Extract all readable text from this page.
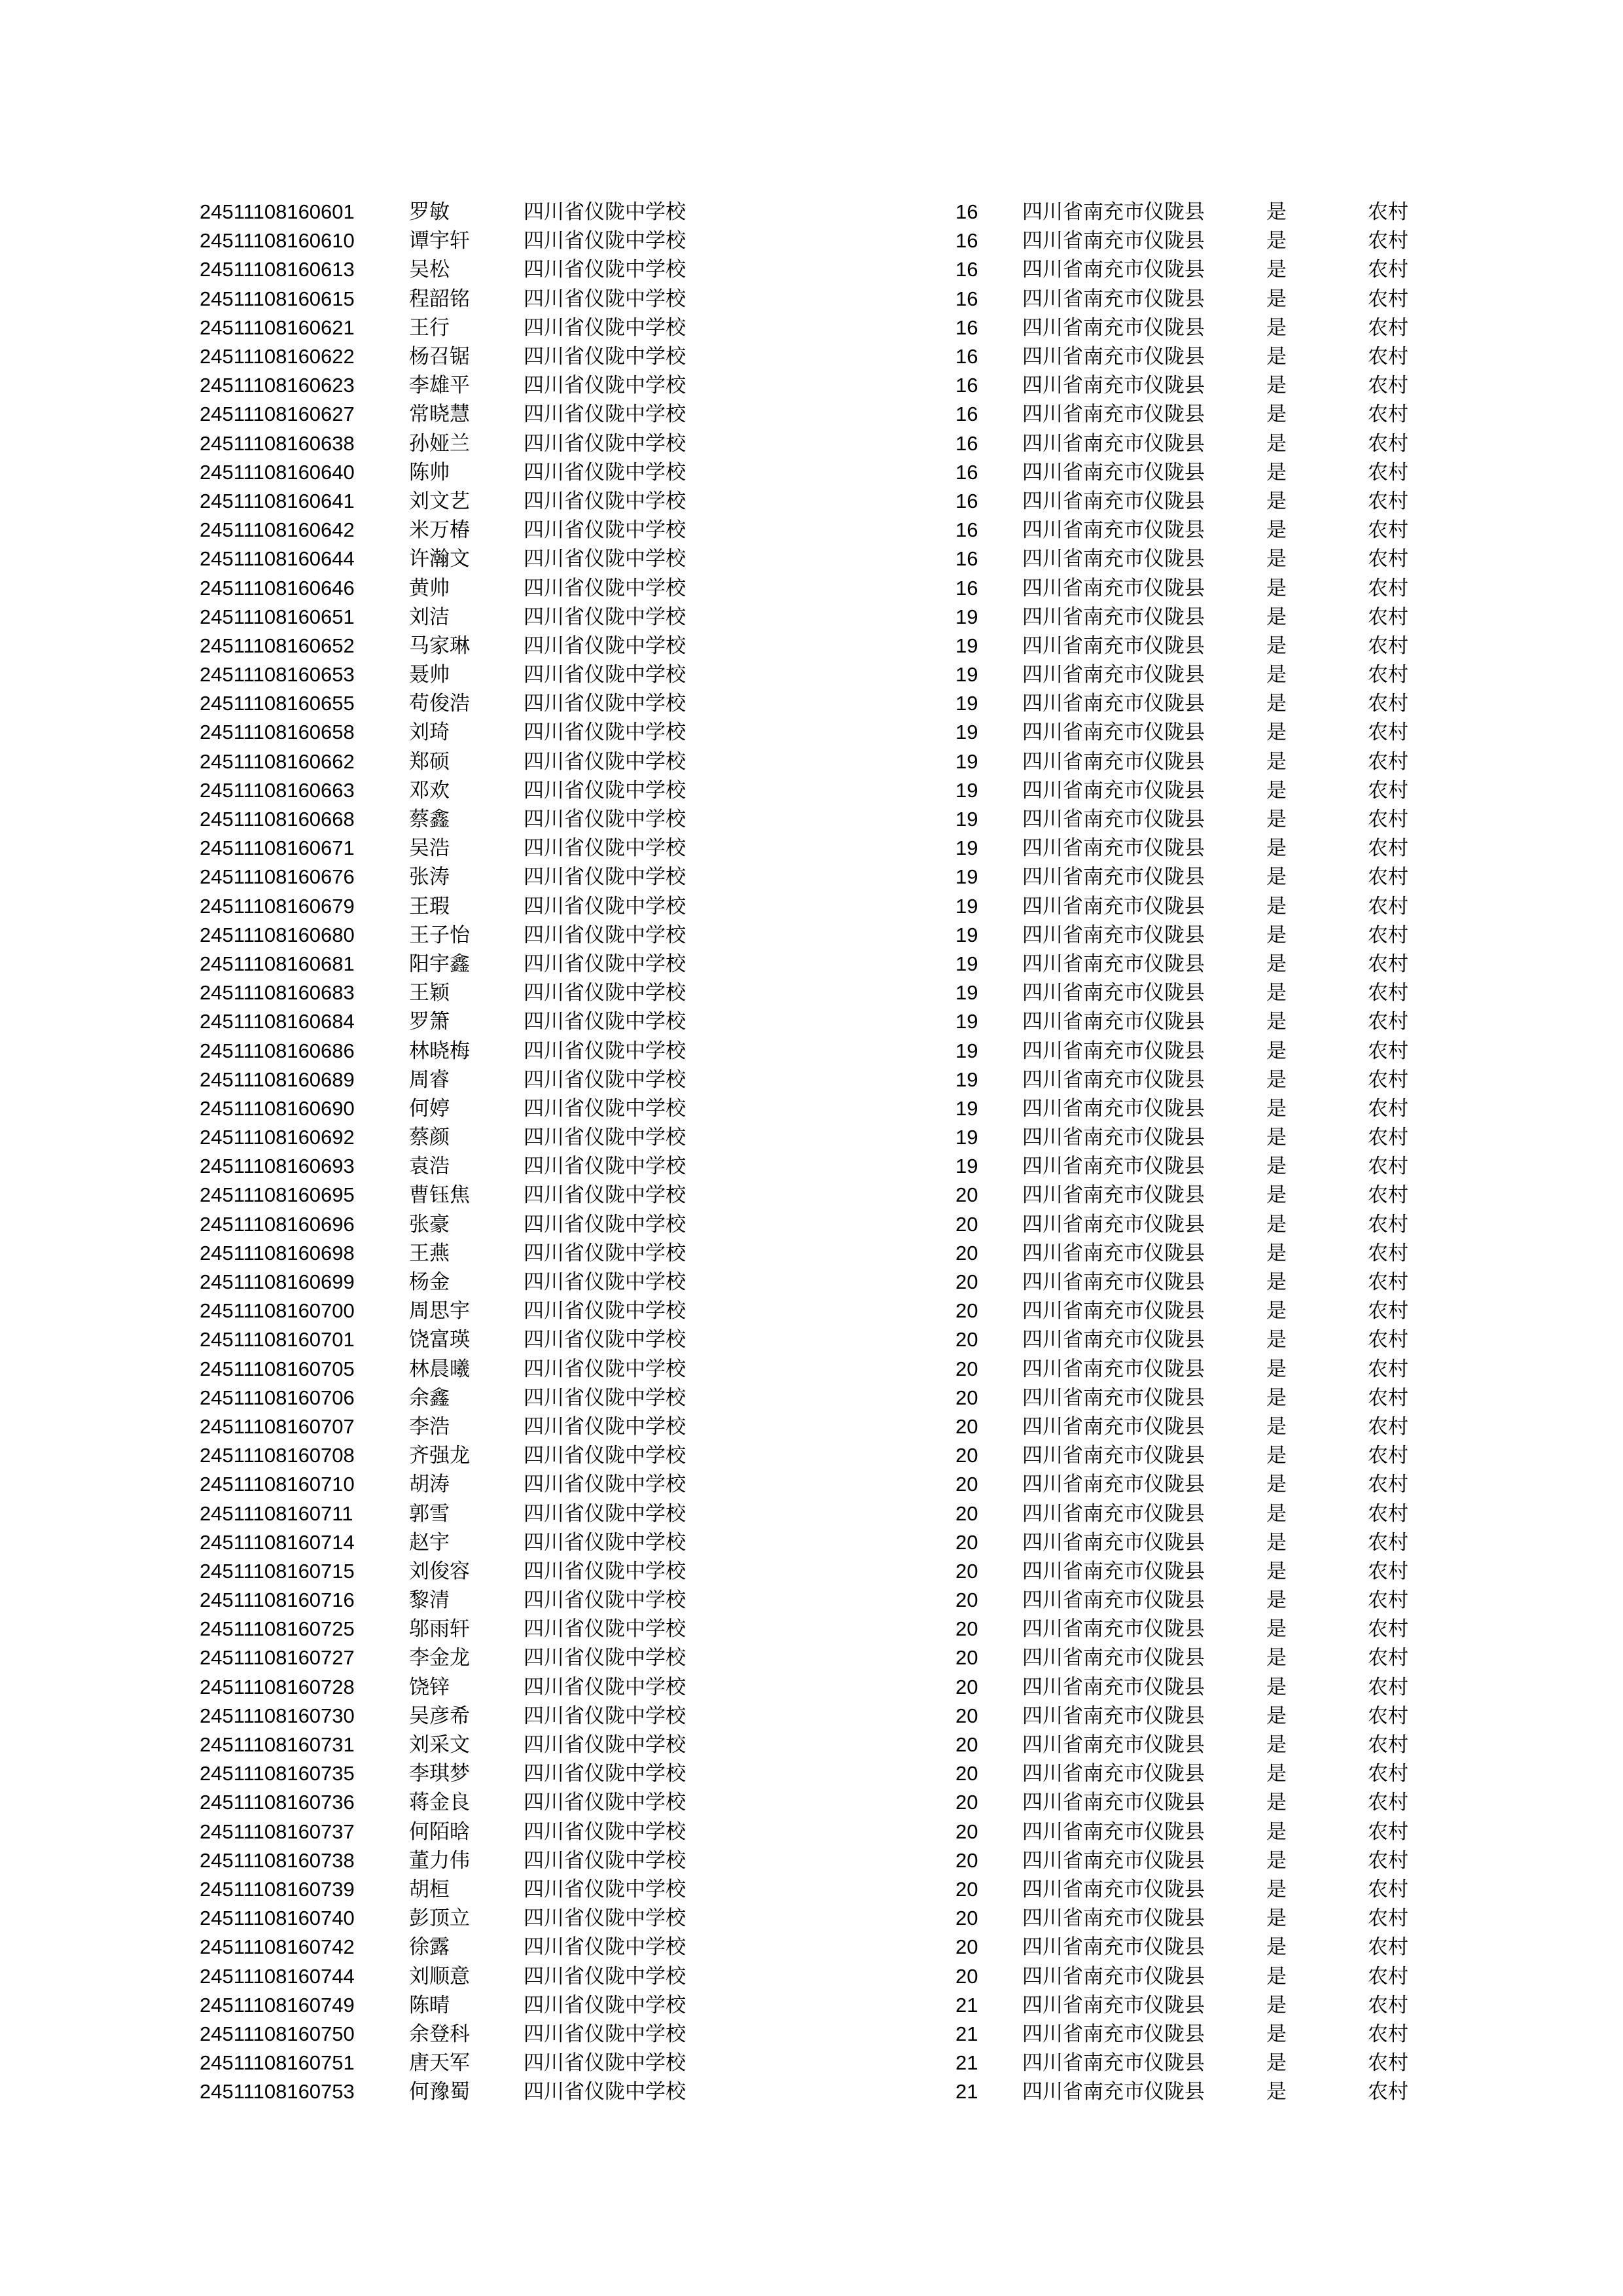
24511108160601	罗敏	四川省仪陇中学校	16	四川省南充市仪陇县	是	农村
24511108160610	谭宇轩	四川省仪陇中学校	16	四川省南充市仪陇县	是	农村
24511108160613	吴松	四川省仪陇中学校	16	四川省南充市仪陇县	是	农村
24511108160615	程韶铭	四川省仪陇中学校	16	四川省南充市仪陇县	是	农村
24511108160621	王行	四川省仪陇中学校	16	四川省南充市仪陇县	是	农村
24511108160622	杨召锯	四川省仪陇中学校	16	四川省南充市仪陇县	是	农村
24511108160623	李雄平	四川省仪陇中学校	16	四川省南充市仪陇县	是	农村
24511108160627	常晓慧	四川省仪陇中学校	16	四川省南充市仪陇县	是	农村
24511108160638	孙娅兰	四川省仪陇中学校	16	四川省南充市仪陇县	是	农村
24511108160640	陈帅	四川省仪陇中学校	16	四川省南充市仪陇县	是	农村
24511108160641	刘文艺	四川省仪陇中学校	16	四川省南充市仪陇县	是	农村
24511108160642	米万椿	四川省仪陇中学校	16	四川省南充市仪陇县	是	农村
24511108160644	许瀚文	四川省仪陇中学校	16	四川省南充市仪陇县	是	农村
24511108160646	黄帅	四川省仪陇中学校	16	四川省南充市仪陇县	是	农村
24511108160651	刘洁	四川省仪陇中学校	19	四川省南充市仪陇县	是	农村
24511108160652	马家琳	四川省仪陇中学校	19	四川省南充市仪陇县	是	农村
24511108160653	聂帅	四川省仪陇中学校	19	四川省南充市仪陇县	是	农村
24511108160655	苟俊浩	四川省仪陇中学校	19	四川省南充市仪陇县	是	农村
24511108160658	刘琦	四川省仪陇中学校	19	四川省南充市仪陇县	是	农村
24511108160662	郑硕	四川省仪陇中学校	19	四川省南充市仪陇县	是	农村
24511108160663	邓欢	四川省仪陇中学校	19	四川省南充市仪陇县	是	农村
24511108160668	蔡鑫	四川省仪陇中学校	19	四川省南充市仪陇县	是	农村
24511108160671	吴浩	四川省仪陇中学校	19	四川省南充市仪陇县	是	农村
24511108160676	张涛	四川省仪陇中学校	19	四川省南充市仪陇县	是	农村
24511108160679	王瑕	四川省仪陇中学校	19	四川省南充市仪陇县	是	农村
24511108160680	王子怡	四川省仪陇中学校	19	四川省南充市仪陇县	是	农村
24511108160681	阳宇鑫	四川省仪陇中学校	19	四川省南充市仪陇县	是	农村
24511108160683	王颖	四川省仪陇中学校	19	四川省南充市仪陇县	是	农村
24511108160684	罗箫	四川省仪陇中学校	19	四川省南充市仪陇县	是	农村
24511108160686	林晓梅	四川省仪陇中学校	19	四川省南充市仪陇县	是	农村
24511108160689	周睿	四川省仪陇中学校	19	四川省南充市仪陇县	是	农村
24511108160690	何婷	四川省仪陇中学校	19	四川省南充市仪陇县	是	农村
24511108160692	蔡颜	四川省仪陇中学校	19	四川省南充市仪陇县	是	农村
24511108160693	袁浩	四川省仪陇中学校	19	四川省南充市仪陇县	是	农村
24511108160695	曹钰焦	四川省仪陇中学校	20	四川省南充市仪陇县	是	农村
24511108160696	张豪	四川省仪陇中学校	20	四川省南充市仪陇县	是	农村
24511108160698	王燕	四川省仪陇中学校	20	四川省南充市仪陇县	是	农村
24511108160699	杨金	四川省仪陇中学校	20	四川省南充市仪陇县	是	农村
24511108160700	周思宇	四川省仪陇中学校	20	四川省南充市仪陇县	是	农村
24511108160701	饶富瑛	四川省仪陇中学校	20	四川省南充市仪陇县	是	农村
24511108160705	林晨曦	四川省仪陇中学校	20	四川省南充市仪陇县	是	农村
24511108160706	余鑫	四川省仪陇中学校	20	四川省南充市仪陇县	是	农村
24511108160707	李浩	四川省仪陇中学校	20	四川省南充市仪陇县	是	农村
24511108160708	齐强龙	四川省仪陇中学校	20	四川省南充市仪陇县	是	农村
24511108160710	胡涛	四川省仪陇中学校	20	四川省南充市仪陇县	是	农村
24511108160711	郭雪	四川省仪陇中学校	20	四川省南充市仪陇县	是	农村
24511108160714	赵宇	四川省仪陇中学校	20	四川省南充市仪陇县	是	农村
24511108160715	刘俊容	四川省仪陇中学校	20	四川省南充市仪陇县	是	农村
24511108160716	黎清	四川省仪陇中学校	20	四川省南充市仪陇县	是	农村
24511108160725	邬雨轩	四川省仪陇中学校	20	四川省南充市仪陇县	是	农村
24511108160727	李金龙	四川省仪陇中学校	20	四川省南充市仪陇县	是	农村
24511108160728	饶锌	四川省仪陇中学校	20	四川省南充市仪陇县	是	农村
24511108160730	吴彦希	四川省仪陇中学校	20	四川省南充市仪陇县	是	农村
24511108160731	刘采文	四川省仪陇中学校	20	四川省南充市仪陇县	是	农村
24511108160735	李琪梦	四川省仪陇中学校	20	四川省南充市仪陇县	是	农村
24511108160736	蒋金良	四川省仪陇中学校	20	四川省南充市仪陇县	是	农村
24511108160737	何陌晗	四川省仪陇中学校	20	四川省南充市仪陇县	是	农村
24511108160738	董力伟	四川省仪陇中学校	20	四川省南充市仪陇县	是	农村
24511108160739	胡桓	四川省仪陇中学校	20	四川省南充市仪陇县	是	农村
24511108160740	彭顶立	四川省仪陇中学校	20	四川省南充市仪陇县	是	农村
24511108160742	徐露	四川省仪陇中学校	20	四川省南充市仪陇县	是	农村
24511108160744	刘顺意	四川省仪陇中学校	20	四川省南充市仪陇县	是	农村
24511108160749	陈晴	四川省仪陇中学校	21	四川省南充市仪陇县	是	农村
24511108160750	余登科	四川省仪陇中学校	21	四川省南充市仪陇县	是	农村
24511108160751	唐天军	四川省仪陇中学校	21	四川省南充市仪陇县	是	农村
24511108160753	何豫蜀	四川省仪陇中学校	21	四川省南充市仪陇县	是	农村
